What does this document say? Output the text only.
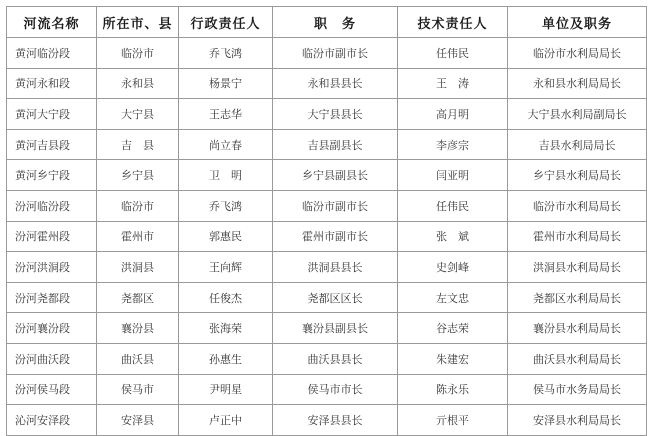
河流名称	所在市、县	行政责任人	职　务	技术责任人	单位及职务
黄河临汾段	临汾市	乔飞鸿	临汾市副市长	任伟民	临汾市水利局局长
黄河永和段	永和县	杨景宁	永和县县长	王　涛	永和县水利局局长
黄河大宁段	大宁县	王志华	大宁县县长	高月明	大宁县水利局副局长
黄河吉县段	吉　县	尚立春	吉县副县长	李彦宗	吉县水利局局长
黄河乡宁段	乡宁县	卫　明	乡宁县副县长	闫亚明	乡宁县水利局局长
汾河临汾段	临汾市	乔飞鸿	临汾市副市长	任伟民	临汾市水利局局长
汾河霍州段	霍州市	郭惠民	霍州市副市长	张　斌	霍州市水利局局长
汾河洪洞段	洪洞县	王向辉	洪洞县县长	史剑峰	洪洞县水利局局长
汾河尧都段	尧都区	任俊杰	尧都区区长	左文忠	尧都区水利局局长
汾河襄汾段	襄汾县	张海荣	襄汾县副县长	谷志荣	襄汾县水利局局长
汾河曲沃段	曲沃县	孙惠生	曲沃县县长	朱建宏	曲沃县水利局局长
汾河侯马段	侯马市	尹明星	侯马市市长	陈永乐	侯马市水务局局长
沁河安泽段	安泽县	卢正中	安泽县县长	亓根平	安泽县水利局局长
